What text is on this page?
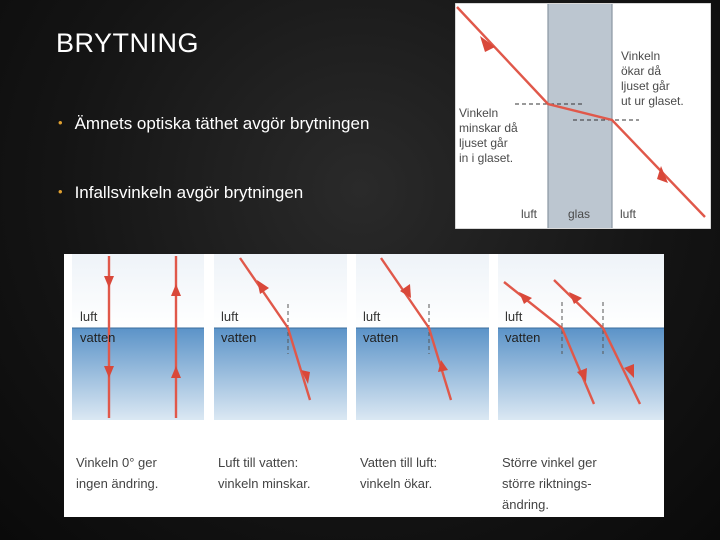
BRYTNING
• Ämnets optiska täthet avgör brytningen
• Infallsvinkeln avgör brytningen
Vinkeln minskar då ljuset går in i glaset.
Vinkeln ökar då ljuset går ut ur glaset.
luft	glas luft
luft
vatten
Vinkeln 0° ger ingen ändring.
luft
vatten
Luft till vatten: vinkeln minskar.
luft
vatten
Vatten till luft: vinkeln ökar.
luft
vatten
Större vinkel ger större riktnings- ändring.
